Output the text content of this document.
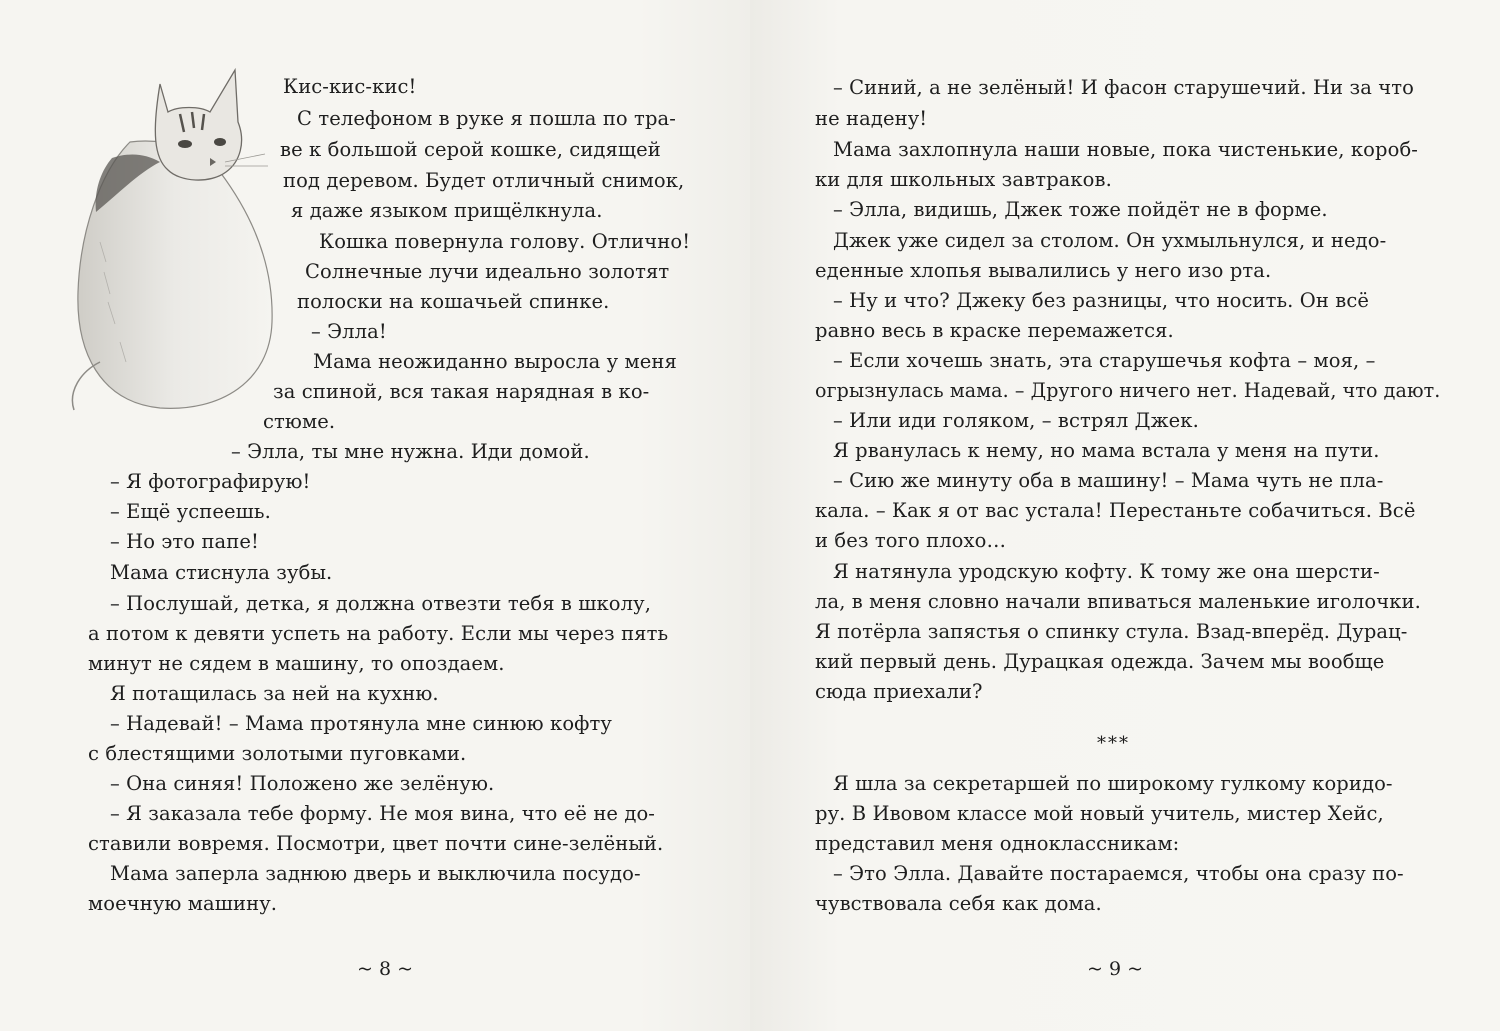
Кис-кис-кис!
С телефоном в руке я пошла по тра-
ве к большой серой кошке, сидящей
под деревом. Будет отличный снимок,
я даже языком прищёлкнула.
Кошка повернула голову. Отлично!
Солнечные лучи идеально золотят
полоски на кошачьей спинке.
– Элла!
Мама неожиданно выросла у меня
за спиной, вся такая нарядная в ко-
стюме.
– Элла, ты мне нужна. Иди домой.
– Я фотографирую!
– Ещё успеешь.
– Но это папе!
Мама стиснула зубы.
– Послушай, детка, я должна отвезти тебя в школу,
а потом к девяти успеть на работу. Если мы через пять
минут не сядем в машину, то опоздаем.
Я потащилась за ней на кухню.
– Надевай! – Мама протянула мне синюю кофту
с блестящими золотыми пуговками.
– Она синяя! Положено же зелёную.
– Я заказала тебе форму. Не моя вина, что её не до-
ставили вовремя. Посмотри, цвет почти сине-зелёный.
Мама заперла заднюю дверь и выключила посудо-
моечную машину.
~ 8 ~
– Синий, а не зелёный! И фасон старушечий. Ни за что
не надену!
Мама захлопнула наши новые, пока чистенькие, короб-
ки для школьных завтраков.
– Элла, видишь, Джек тоже пойдёт не в форме.
Джек уже сидел за столом. Он ухмыльнулся, и недо-
еденные хлопья вывалились у него изо рта.
– Ну и что? Джеку без разницы, что носить. Он всё
равно весь в краске перемажется.
– Если хочешь знать, эта старушечья кофта – моя, –
огрызнулась мама. – Другого ничего нет. Надевай, что дают.
– Или иди голяком, – встрял Джек.
Я рванулась к нему, но мама встала у меня на пути.
– Сию же минуту оба в машину! – Мама чуть не пла-
кала. – Как я от вас устала! Перестаньте собачиться. Всё
и без того плохо…
Я натянула уродскую кофту. К тому же она шерсти-
ла, в меня словно начали впиваться маленькие иголочки.
Я потёрла запястья о спинку стула. Взад-вперёд. Дурац-
кий первый день. Дурацкая одежда. Зачем мы вообще
сюда приехали?
***
Я шла за секретаршей по широкому гулкому коридо-
ру. В Ивовом классе мой новый учитель, мистер Хейс,
представил меня одноклассникам:
– Это Элла. Давайте постараемся, чтобы она сразу по-
чувствовала себя как дома.
~ 9 ~
